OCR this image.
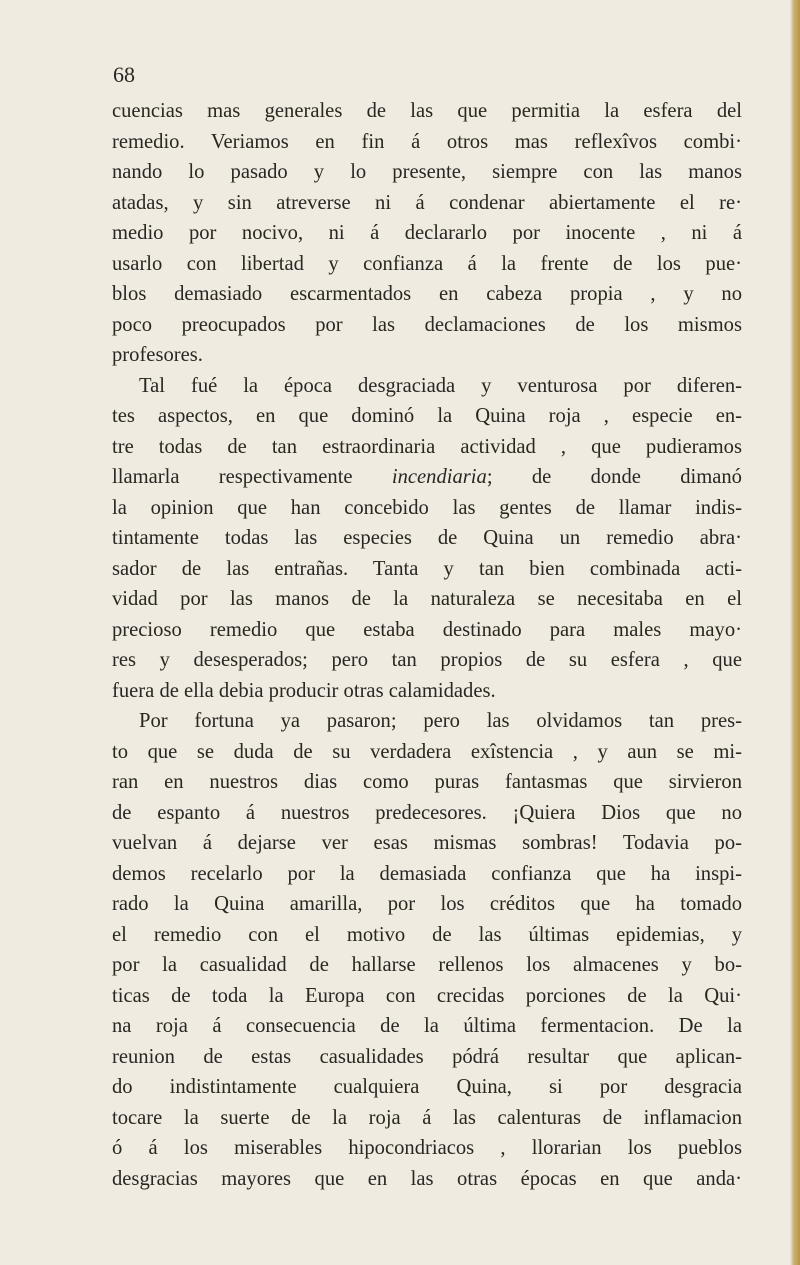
68
cuencias mas generales de las que permitia la esfera del
remedio. Veriamos en fin á otros mas reflexîvos combi·
nando lo pasado y lo presente, siempre con las manos
atadas, y sin atreverse ni á condenar abiertamente el re·
medio por nocivo, ni á declararlo por inocente , ni á
usarlo con libertad y confianza á la frente de los pue·
blos demasiado escarmentados en cabeza propia , y no
poco preocupados por las declamaciones de los mismos
profesores.
Tal fué la época desgraciada y venturosa por diferen-
tes aspectos, en que dominó la Quina roja , especie en-
tre todas de tan estraordinaria actividad , que pudieramos
llamarla respectivamente incendiaria; de donde dimanó
la opinion que han concebido las gentes de llamar indis-
tintamente todas las especies de Quina un remedio abra·
sador de las entrañas. Tanta y tan bien combinada acti-
vidad por las manos de la naturaleza se necesitaba en el
precioso remedio que estaba destinado para males mayo·
res y desesperados; pero tan propios de su esfera , que
fuera de ella debia producir otras calamidades.
Por fortuna ya pasaron; pero las olvidamos tan pres-
to que se duda de su verdadera exîstencia , y aun se mi-
ran en nuestros dias como puras fantasmas que sirvieron
de espanto á nuestros predecesores. ¡Quiera Dios que no
vuelvan á dejarse ver esas mismas sombras! Todavia po-
demos recelarlo por la demasiada confianza que ha inspi-
rado la Quina amarilla, por los créditos que ha tomado
el remedio con el motivo de las últimas epidemias, y
por la casualidad de hallarse rellenos los almacenes y bo-
ticas de toda la Europa con crecidas porciones de la Qui·
na roja á consecuencia de la última fermentacion. De la
reunion de estas casualidades pódrá resultar que aplican-
do indistintamente cualquiera Quina, si por desgracia
tocare la suerte de la roja á las calenturas de inflamacion
ó á los miserables hipocondriacos , llorarian los pueblos
desgracias mayores que en las otras épocas en que anda·
